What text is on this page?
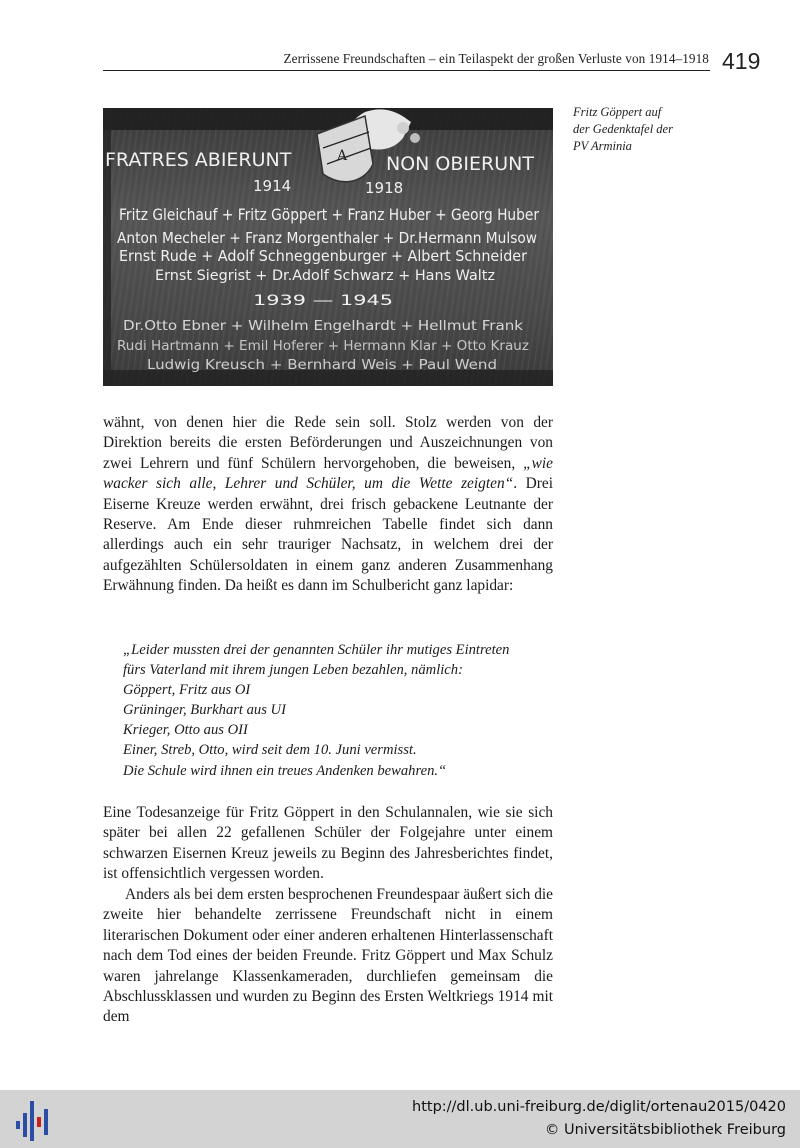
Zerrissene Freundschaften – ein Teilaspekt der großen Verluste von 1914–1918 419
A
FRATRES ABIERUNT	NON OBIERUNT
1914	1918
Fritz Gleichauf + Fritz Göppert + Franz Huber + Georg Huber
Anton Mecheler + Franz Morgenthaler + Dr.Hermann Mulsow
Ernst Rude + Adolf Schneggenburger + Albert Schneider
Ernst Siegrist + Dr.Adolf Schwarz + Hans Waltz
1939 — 1945
Dr.Otto Ebner + Wilhelm Engelhardt + Hellmut Frank
Rudi Hartmann + Emil Hoferer + Hermann Klar + Otto Krauz
Ludwig Kreusch + Bernhard Weis + Paul Wend

Fritz Göppert auf
der Gedenktafel der
PV Arminia

wähnt, von denen hier die Rede sein soll. Stolz werden von der Direktion bereits die ersten Beförderungen und Auszeichnungen von zwei Lehrern und fünf Schülern hervorgehoben, die beweisen, „wie wacker sich alle, Lehrer und Schüler, um die Wette zeigten“. Drei Eiserne Kreuze werden erwähnt, drei frisch gebackene Leutnante der Reserve. Am Ende dieser ruhmreichen Tabelle findet sich dann allerdings auch ein sehr trauriger Nachsatz, in welchem drei der aufgezählten Schülersoldaten in einem ganz anderen Zusammenhang Erwähnung finden. Da heißt es dann im Schulbericht ganz lapidar:

„Leider mussten drei der genannten Schüler ihr mutiges Eintreten
fürs Vaterland mit ihrem jungen Leben bezahlen, nämlich:
Göppert, Fritz aus OI
Grüninger, Burkhart aus UI
Krieger, Otto aus OII
Einer, Streb, Otto, wird seit dem 10. Juni vermisst.
Die Schule wird ihnen ein treues Andenken bewahren.“

Eine Todesanzeige für Fritz Göppert in den Schulannalen, wie sie sich später bei allen 22 gefallenen Schüler der Folgejahre unter einem schwarzen Eisernen Kreuz jeweils zu Beginn des Jahresberichtes findet, ist offensichtlich vergessen worden.

Anders als bei dem ersten besprochenen Freundespaar äußert sich die zweite hier behandelte zerrissene Freundschaft nicht in einem literarischen Dokument oder einer anderen erhaltenen Hinterlassenschaft nach dem Tod eines der beiden Freunde. Fritz Göppert und Max Schulz waren jahrelange Klassenkameraden, durchliefen gemeinsam die Abschlussklassen und wurden zu Beginn des Ersten Weltkriegs 1914 mit dem

http://dl.ub.uni-freiburg.de/diglit/ortenau2015/0420
© Universitätsbibliothek Freiburg
